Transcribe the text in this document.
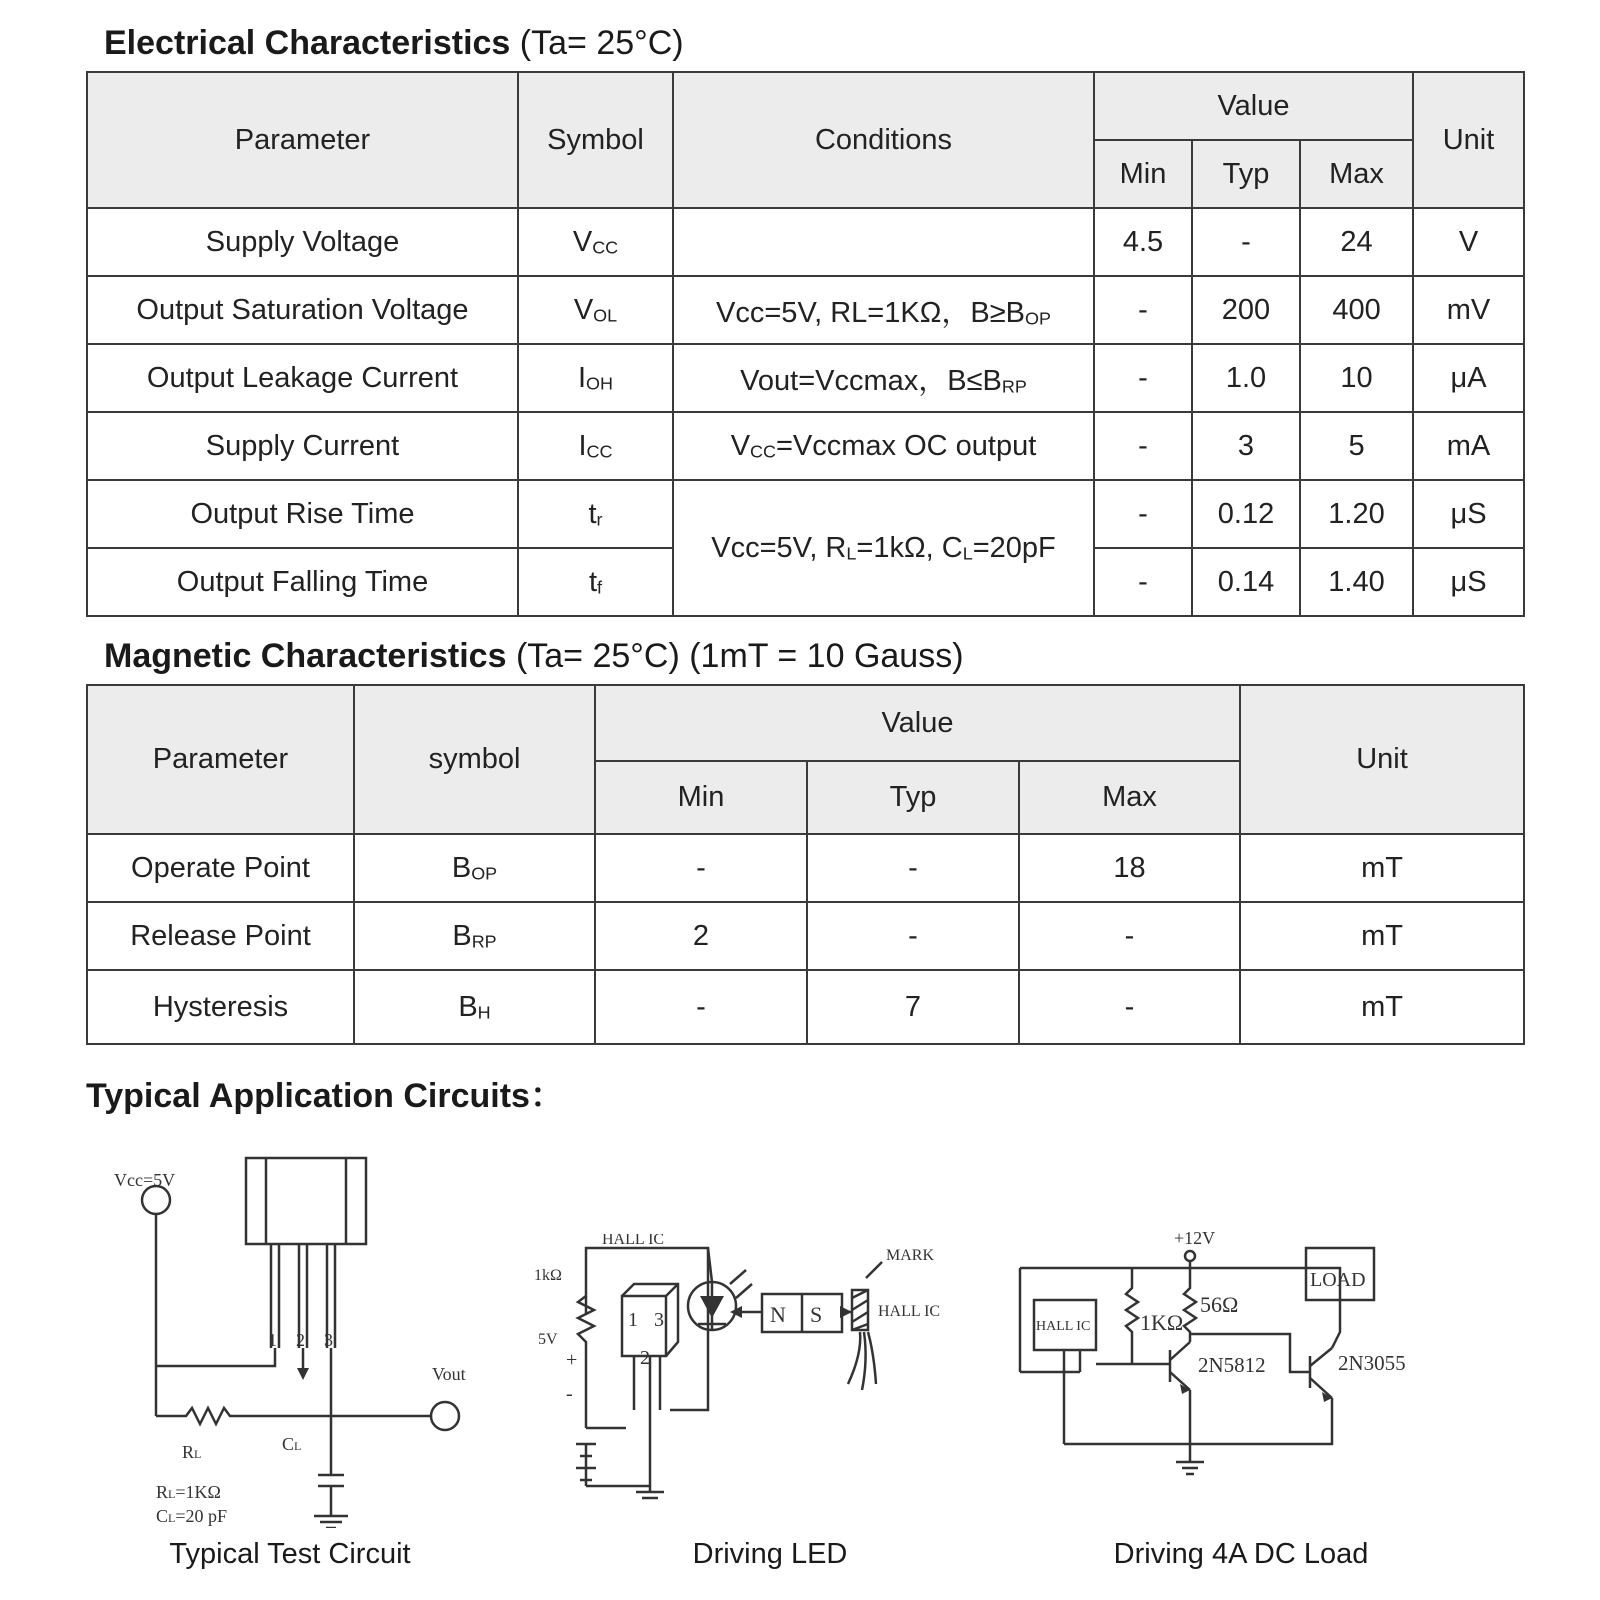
Electrical Characteristics (Ta= 25°C)
Parameter	Symbol	Conditions	Value			Unit
			Min	Typ	Max	
Supply Voltage	$V_{CC}$		4.5	-	24	V
Output Saturation Voltage	$V_{OL}$	Vcc=5V, RL=1KΩ，$B\ge B_{OP}$	-	200	400	mV
Output Leakage Current	$I_{OH}$	Vout=Vccmax，$B\le B_{RP}$	-	1.0	10	μA
Supply Current	$I_{CC}$	$V_{CC}=Vccmax$ OC output	-	3	5	mA
Output Rise Time	$t_r$	Vcc=5V, $R_L=1k\Omega$, $C_L=20pF$	-	0.12	1.20	μS
Output Falling Time	$t_f$		-	0.14	1.40	μS
Magnetic Characteristics (Ta= 25°C) (1mT = 10 Gauss)
Parameter	symbol	Value			Unit
		Min	Typ	Max	
Operate Point	$B_{OP}$	-	-	18	mT
Release Point	$B_{RP}$	2	-	-	mT
Hysteresis	$B_H$	-	7	-	mT
Typical Application Circuits：
Vcc=5V
1 2 3
Vout
RL	CL
RL=1KΩ
CL=20 pF
Typical Test Circuit
HALL IC
1kΩ
5V
1
2
3
+
-
N S
MARK
HALL IC
Driving LED
+12V
HALL IC 1KΩ
56Ω
LOAD
2N5812	2N3055
Driving 4A DC Load
